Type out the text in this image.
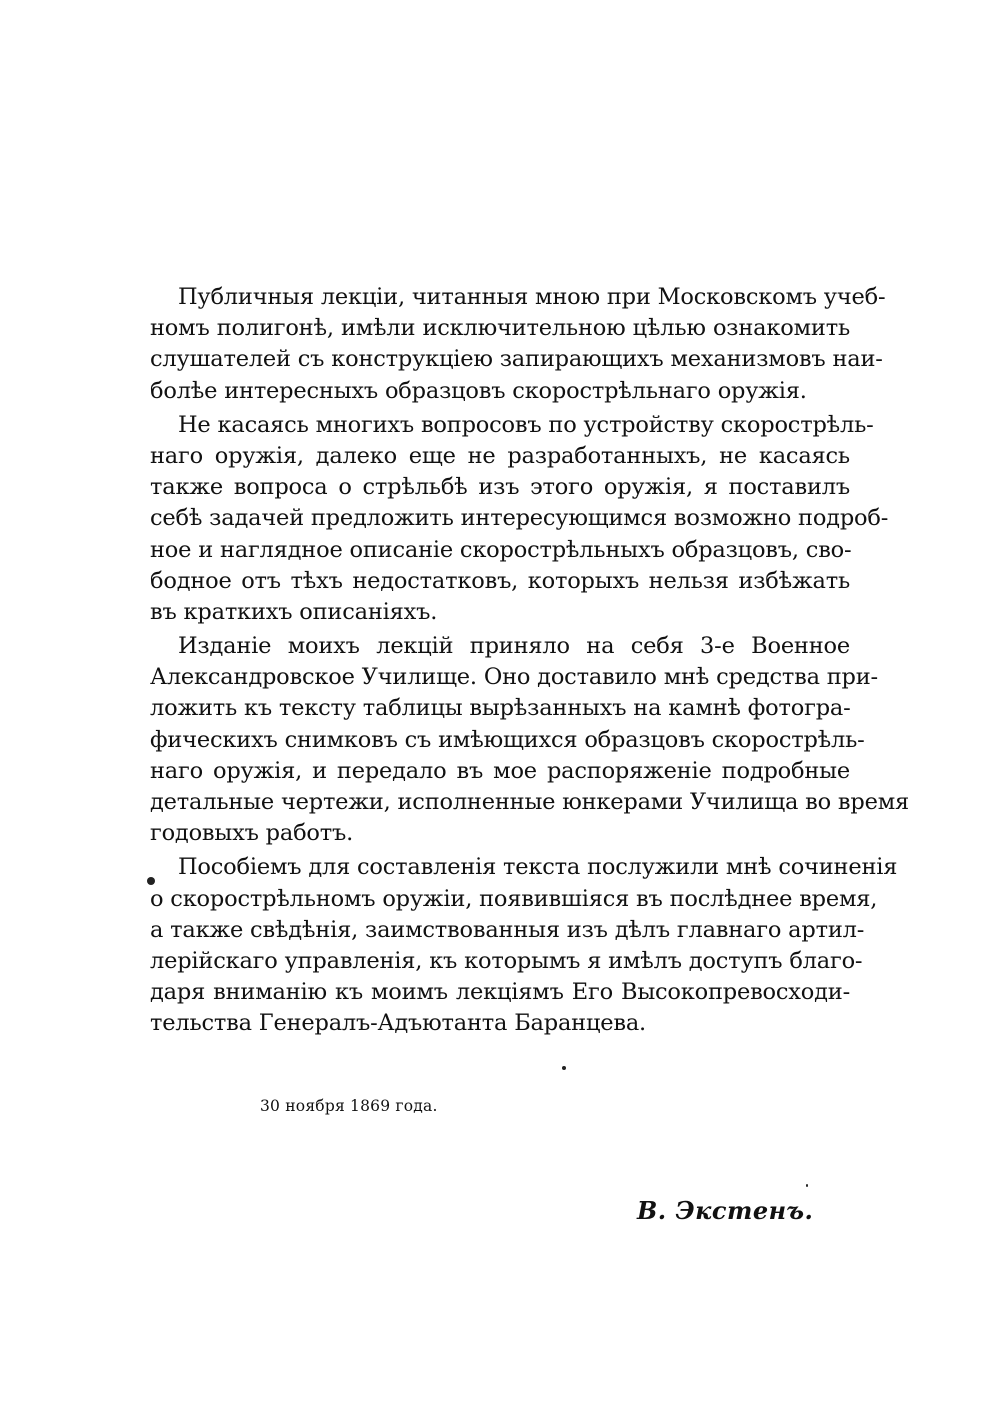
Публичныя лекціи, читанныя мною при Московскомъ учеб-
номъ полигонѣ, имѣли исключительною цѣлью ознакомить
слушателей съ конструкціею запирающихъ механизмовъ наи-
болѣе интересныхъ образцовъ скорострѣльнаго оружія.

Не касаясь многихъ вопросовъ по устройству скорострѣль-
наго оружія, далеко еще не разработанныхъ, не касаясь
также вопроса о стрѣльбѣ изъ этого оружія, я поставилъ
себѣ задачей предложить интересующимся возможно подроб-
ное и наглядное описаніе скорострѣльныхъ образцовъ, сво-
бодное отъ тѣхъ недостатковъ, которыхъ нельзя избѣжать
въ краткихъ описаніяхъ.

Изданіе моихъ лекцій приняло на себя 3-е Военное
Александровское Училище. Оно доставило мнѣ средства при-
ложить къ тексту таблицы вырѣзанныхъ на камнѣ фотогра-
фическихъ снимковъ съ имѣющихся образцовъ скорострѣль-
наго оружія, и передало въ мое распоряженіе подробные
детальные чертежи, исполненные юнкерами Училища во время
годовыхъ работъ.

Пособіемъ для составленія текста послужили мнѣ сочиненія
о скорострѣльномъ оружіи, появившіяся въ послѣднее время,
а также свѣдѣнія, заимствованныя изъ дѣлъ главнаго артил-
лерійскаго управленія, къ которымъ я имѣлъ доступъ благо-
даря вниманію къ моимъ лекціямъ Его Высокопревосходи-
тельства Генералъ-Адъютанта Баранцева.

30 ноября 1869 года.
В. Экстенъ.
